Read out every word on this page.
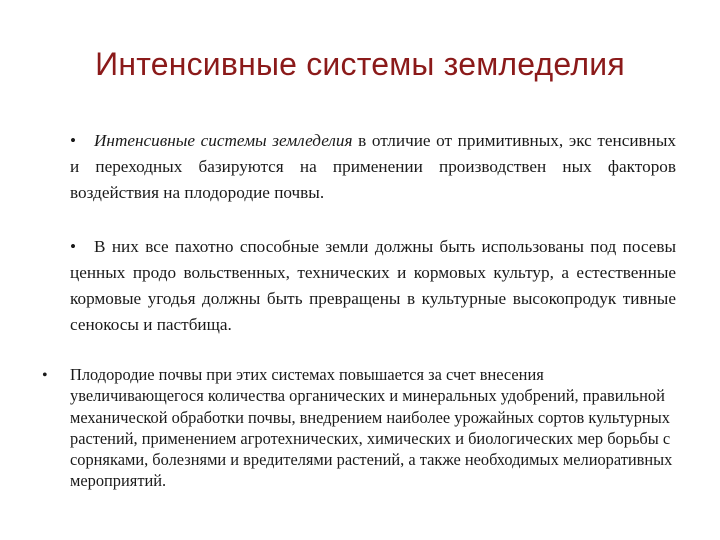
Интенсивные системы земледелия
• Интенсивные системы земледелия в отличие от примитивных, экс тенсивных и переходных базируются на применении производствен ных факторов воздействия на плодородие почвы.
• В них все пахотно способные земли должны быть использованы под посевы ценных продо вольственных, технических и кормовых культур, а естественные кормовые угодья должны быть превращены в культурные высокопродук тивные сенокосы и пастбища.
• Плодородие почвы при этих системах повышается за счет внесения увеличивающегося количества органических и минеральных удобрений, правильной механической обработки почвы, внедрением наиболее урожайных сортов культурных растений, применением агротехнических, химических и биологических мер борьбы с сорняками, болезнями и вредителями растений, а также необходимых мелиоративных мероприятий.
